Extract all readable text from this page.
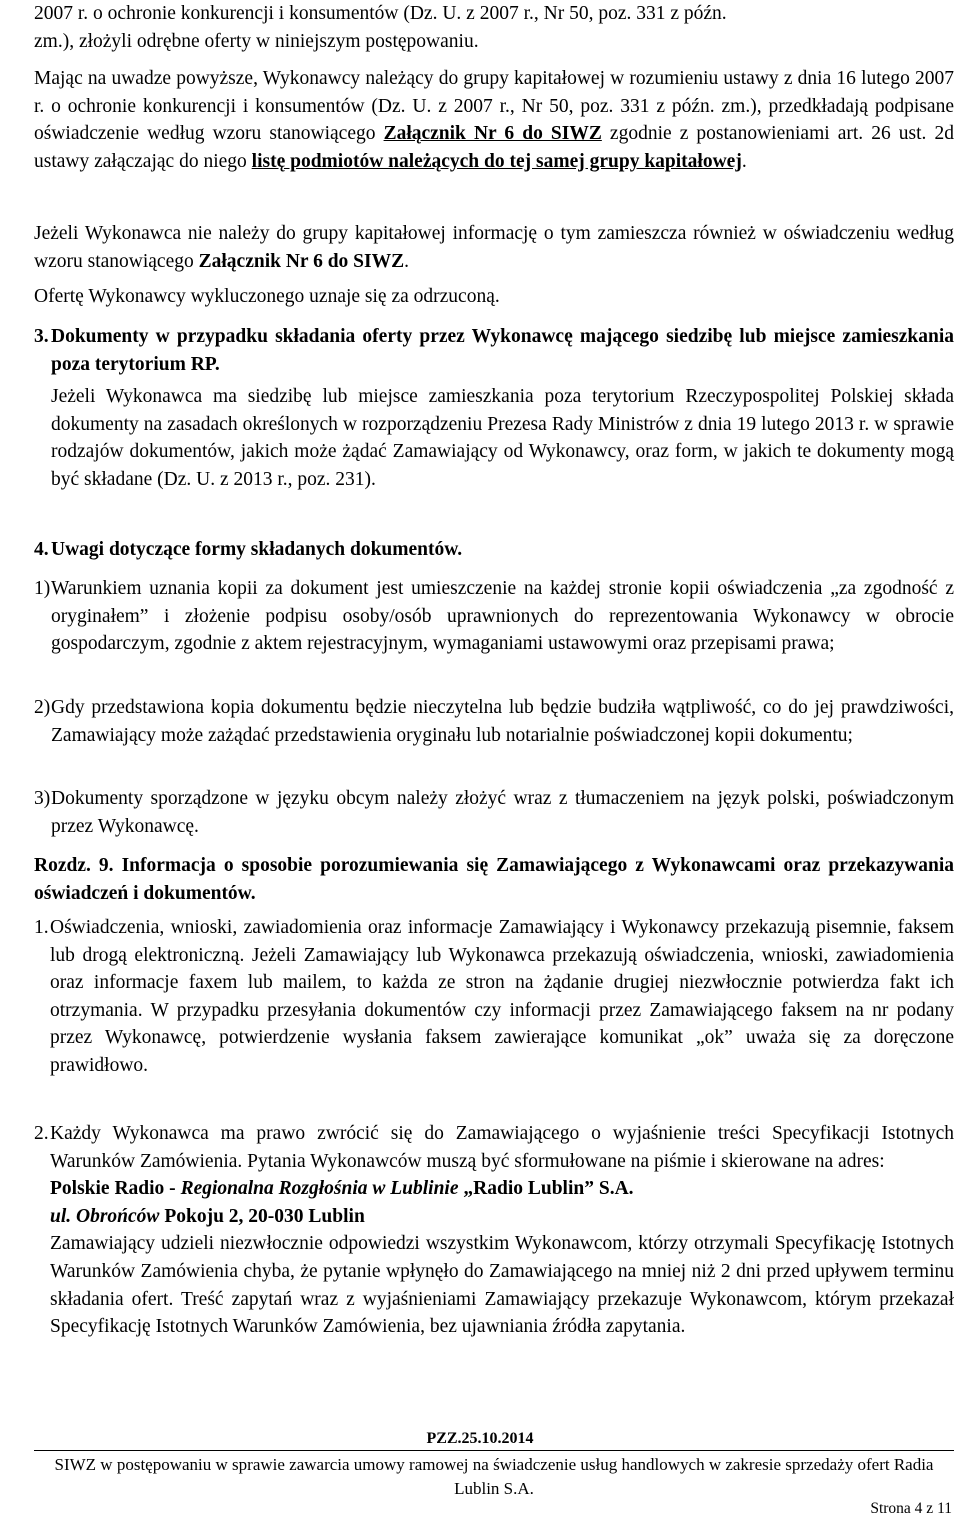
2007 r. o ochronie konkurencji i konsumentów (Dz. U. z 2007 r., Nr 50, poz. 331 z późn.

zm.), złożyli odrębne oferty w niniejszym postępowaniu.

Mając na uwadze powyższe, Wykonawcy należący do grupy kapitałowej w rozumieniu ustawy z dnia 16 lutego 2007 r. o ochronie konkurencji i konsumentów (Dz. U. z 2007 r., Nr 50, poz. 331 z późn. zm.), przedkładają podpisane oświadczenie według wzoru stanowiącego Załącznik Nr 6 do SIWZ zgodnie z postanowieniami art. 26 ust. 2d ustawy załączając do niego listę podmiotów należących do tej samej grupy kapitałowej.

Jeżeli Wykonawca nie należy do grupy kapitałowej informację o tym zamieszcza również w oświadczeniu według wzoru stanowiącego Załącznik Nr 6 do SIWZ.

Ofertę Wykonawcy wykluczonego uznaje się za odrzuconą.

3. Dokumenty w przypadku składania oferty przez Wykonawcę mającego siedzibę lub miejsce zamieszkania poza terytorium RP.
Jeżeli Wykonawca ma siedzibę lub miejsce zamieszkania poza terytorium Rzeczypospolitej Polskiej składa dokumenty na zasadach określonych w rozporządzeniu Prezesa Rady Ministrów z dnia 19 lutego 2013 r. w sprawie rodzajów dokumentów, jakich może żądać Zamawiający od Wykonawcy, oraz form, w jakich te dokumenty mogą być składane (Dz. U. z 2013 r., poz. 231).
4. Uwagi dotyczące formy składanych dokumentów.
1) Warunkiem uznania kopii za dokument jest umieszczenie na każdej stronie kopii oświadczenia „za zgodność z oryginałem” i złożenie podpisu osoby/osób uprawnionych do reprezentowania Wykonawcy w obrocie gospodarczym, zgodnie z aktem rejestracyjnym, wymaganiami ustawowymi oraz przepisami prawa;
2) Gdy przedstawiona kopia dokumentu będzie nieczytelna lub będzie budziła wątpliwość, co do jej prawdziwości, Zamawiający może zażądać przedstawienia oryginału lub notarialnie poświadczonej kopii dokumentu;
3) Dokumenty sporządzone w języku obcym należy złożyć wraz z tłumaczeniem na język polski, poświadczonym przez Wykonawcę.

Rozdz. 9. Informacja o sposobie porozumiewania się Zamawiającego z Wykonawcami oraz przekazywania oświadczeń i dokumentów.

1. Oświadczenia, wnioski, zawiadomienia oraz informacje Zamawiający i Wykonawcy przekazują pisemnie, faksem lub drogą elektroniczną. Jeżeli Zamawiający lub Wykonawca przekazują oświadczenia, wnioski, zawiadomienia oraz informacje faxem lub mailem, to każda ze stron na żądanie drugiej niezwłocznie potwierdza fakt ich otrzymania. W przypadku przesyłania dokumentów czy informacji przez Zamawiającego faksem na nr podany przez Wykonawcę, potwierdzenie wysłania faksem zawierające komunikat „ok” uważa się za doręczone prawidłowo.
2. Każdy Wykonawca ma prawo zwrócić się do Zamawiającego o wyjaśnienie treści Specyfikacji Istotnych Warunków Zamówienia. Pytania Wykonawców muszą być sformułowane na piśmie i skierowane na adres:
Polskie Radio - Regionalna Rozgłośnia w Lublinie „Radio Lublin” S.A.
ul. Obrońców Pokoju 2, 20-030 Lublin
Zamawiający udzieli niezwłocznie odpowiedzi wszystkim Wykonawcom, którzy otrzymali Specyfikację Istotnych Warunków Zamówienia chyba, że pytanie wpłynęło do Zamawiającego na mniej niż 2 dni przed upływem terminu składania ofert. Treść zapytań wraz z wyjaśnieniami Zamawiający przekazuje Wykonawcom, którym przekazał Specyfikację Istotnych Warunków Zamówienia, bez ujawniania źródła zapytania.
PZZ.25.10.2014
SIWZ w postępowaniu w sprawie zawarcia umowy ramowej na świadczenie usług handlowych w zakresie sprzedaży ofert Radia Lublin S.A.
Strona 4 z 11
